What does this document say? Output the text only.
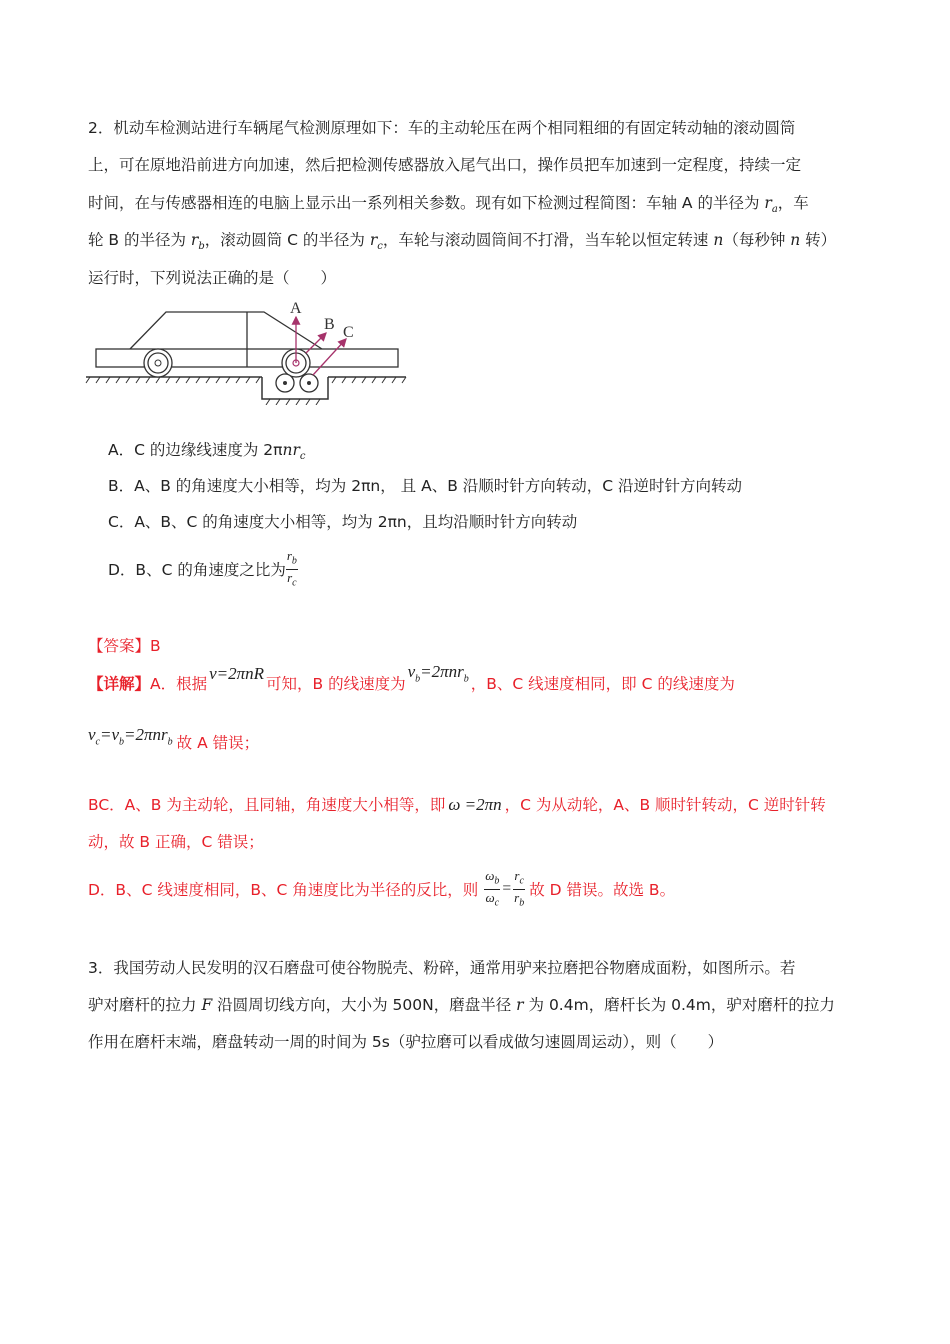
2．机动车检测站进行车辆尾气检测原理如下：车的主动轮压在两个相同粗细的有固定转动轴的滚动圆筒
上，可在原地沿前进方向加速，然后把检测传感器放入尾气出口，操作员把车加速到一定程度，持续一定
时间，在与传感器相连的电脑上显示出一系列相关参数。现有如下检测过程简图：车轴 A 的半径为 $r_a$，车
轮 B 的半径为 $r_b$，滚动圆筒 C 的半径为 $r_c$，车轮与滚动圆筒间不打滑，当车轮以恒定转速 n（每秒钟 n 转）
运行时，下列说法正确的是（　　）
A
B C
A．C 的边缘线速度为 2πnr$_c$
B．A、B 的角速度大小相等，均为 2πn， 且 A、B 沿顺时针方向转动，C 沿逆时针方向转动
C．A、B、C 的角速度大小相等，均为 2πn，且均沿顺时针方向转动
D．B、C 的角速度之比为 $\frac{r_b}{r_c}$
【答案】B
【详解】A．根据v=2πnR可知，B 的线速度为$v_b=2\pi nr_b$ ，B、C 线速度相同，即 C 的线速度为
$v_c=v_b=2\pi nr_b$ 故 A 错误；
BC．A、B 为主动轮，且同轴，角速度大小相等，即 ω =2πn ，C 为从动轮，A、B 顺时针转动，C 逆时针转
动，故 B 正确，C 错误；
D．B、C 线速度相同，B、C 角速度比为半径的反比，则 $\frac{\omega_b}{\omega_c} = \frac{r_c}{r_b}$ 故 D 错误。故选 B。
3．我国劳动人民发明的汉石磨盘可使谷物脱壳、粉碎，通常用驴来拉磨把谷物磨成面粉，如图所示。若
驴对磨杆的拉力 F 沿圆周切线方向，大小为 500N，磨盘半径 r 为 0.4m，磨杆长为 0.4m，驴对磨杆的拉力
作用在磨杆末端，磨盘转动一周的时间为 5s（驴拉磨可以看成做匀速圆周运动），则（　　）
